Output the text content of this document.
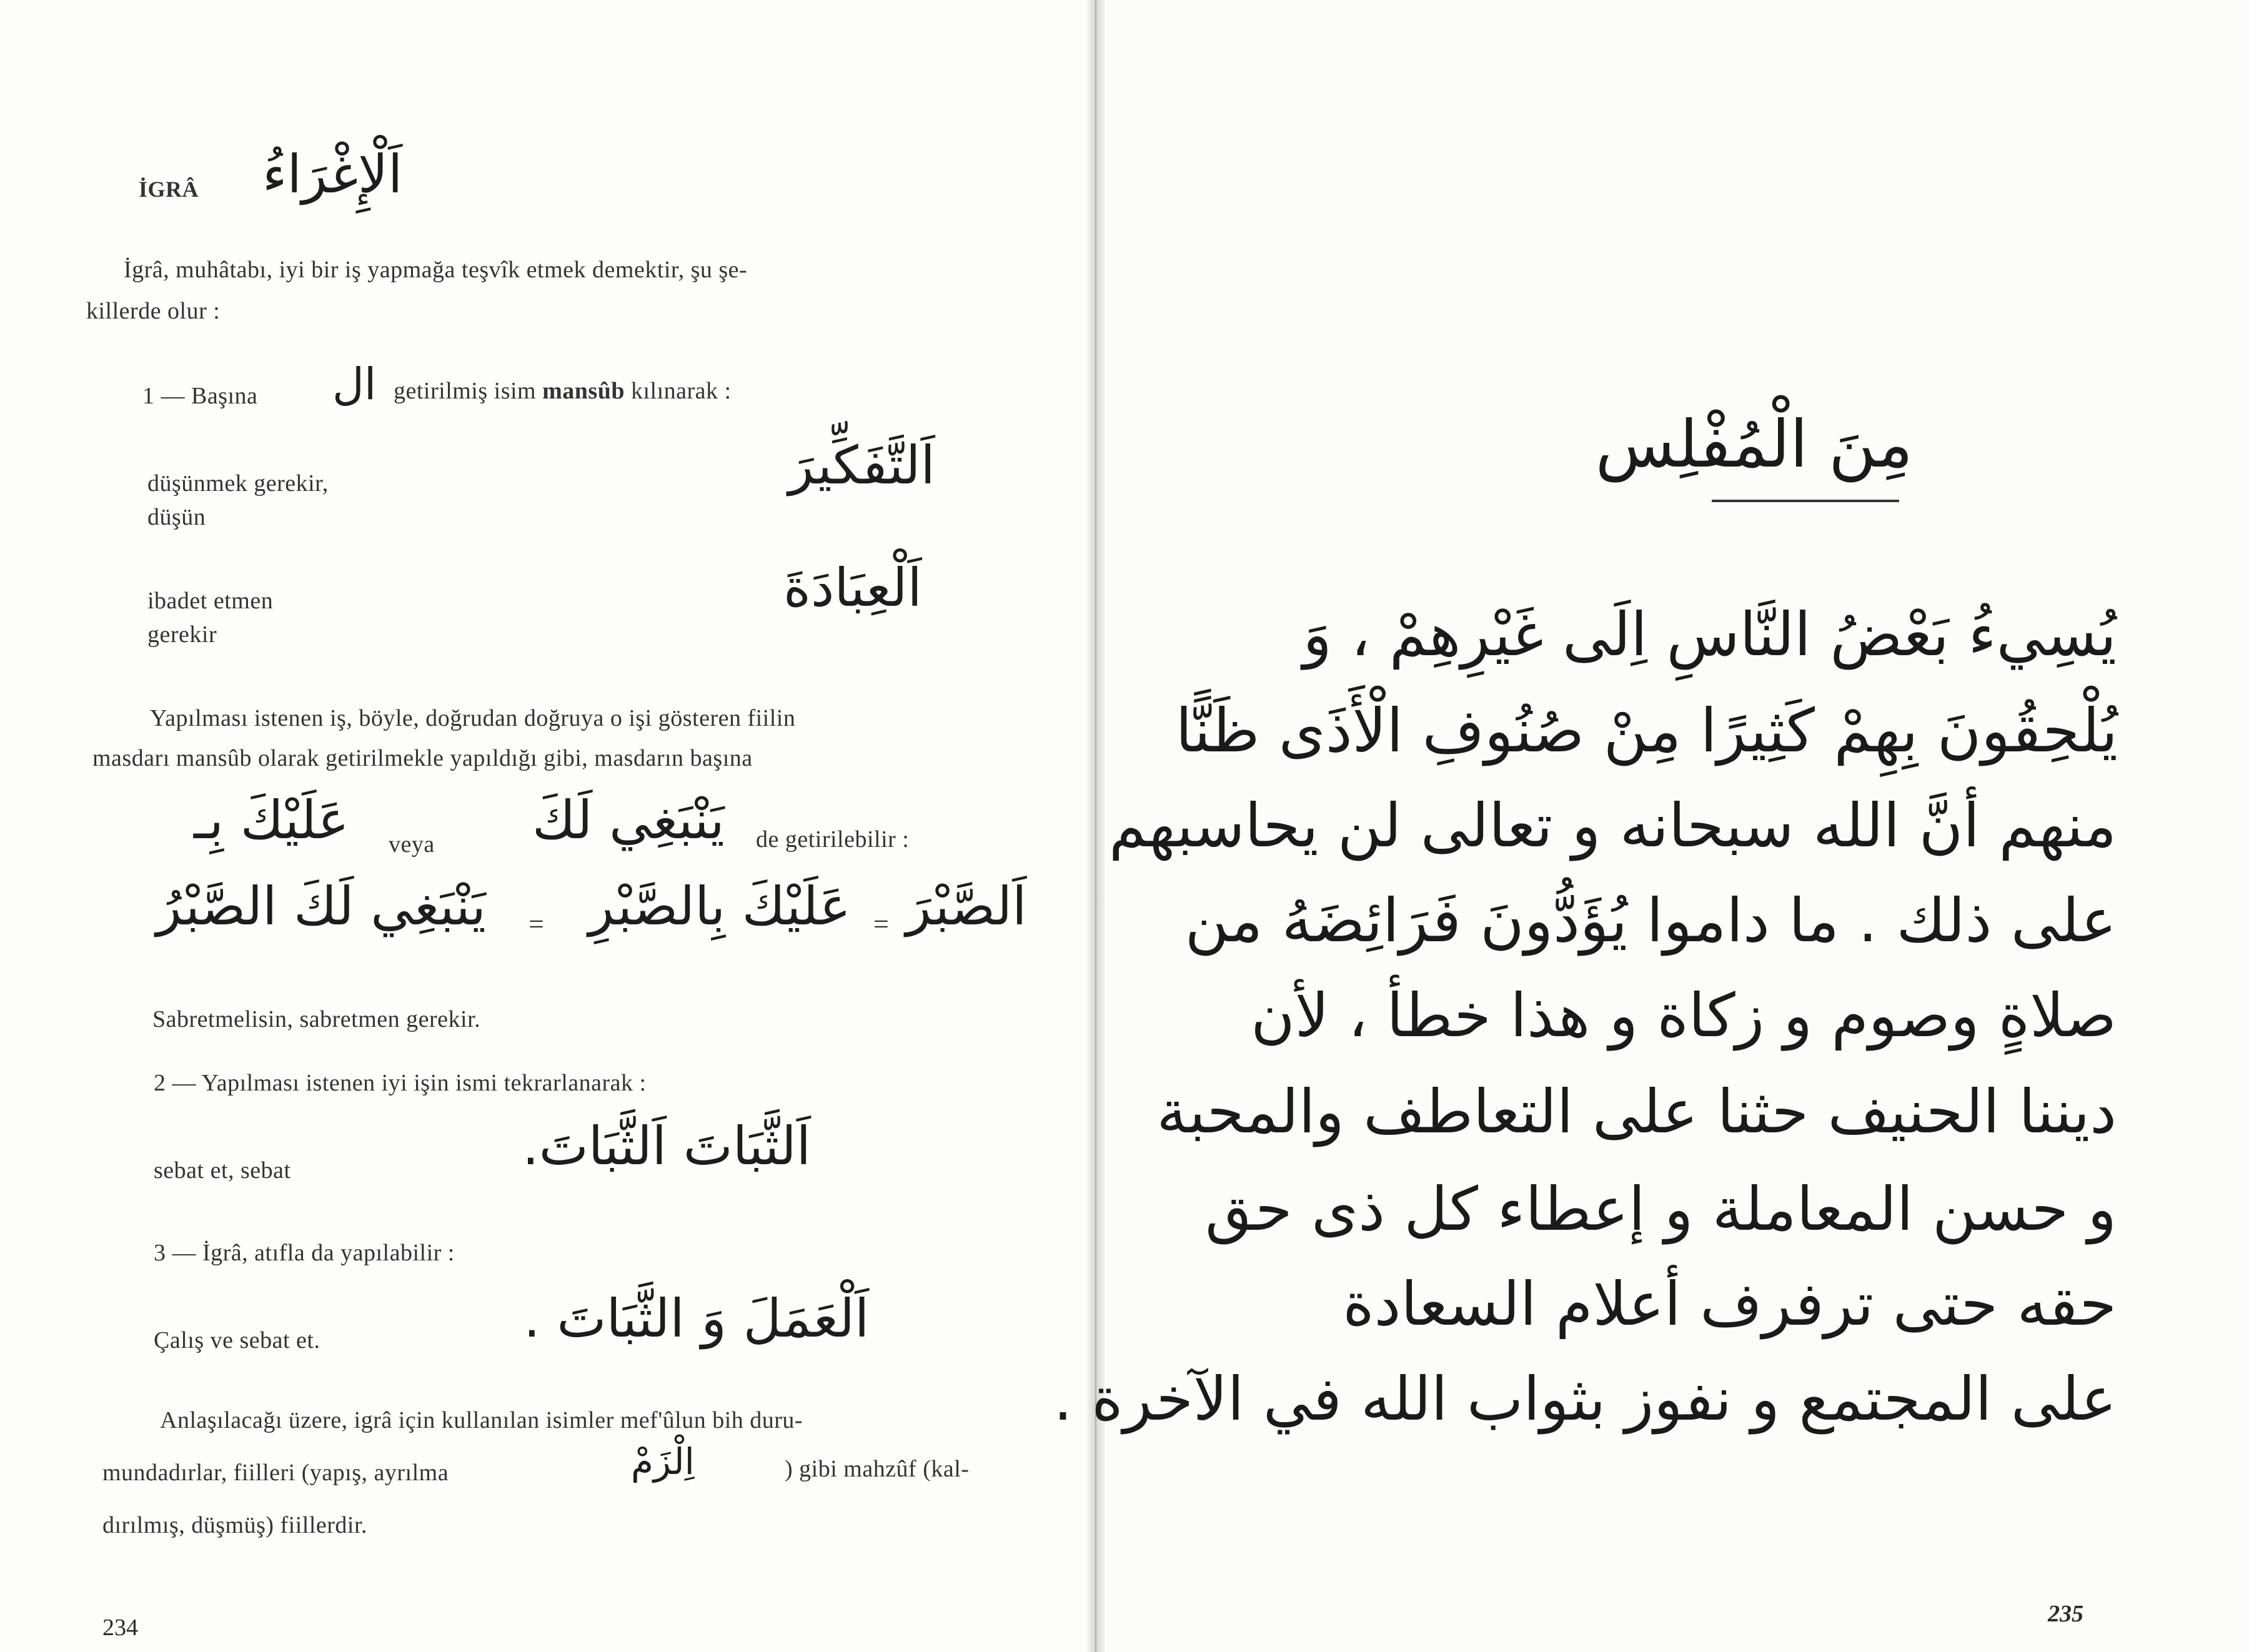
İGRÂ اَلْإِغْرَاءُ
İgrâ, muhâtabı, iyi bir iş yapmağa teşvîk etmek demektir, şu şe-
killerde olur :
1 — Başına ال getirilmiş isim mansûb kılınarak :
düşünmek gerekir,
düşün
اَلتَّفَكِّيرَ
ibadet etmen
gerekir
اَلْعِبَادَةَ
Yapılması istenen iş, böyle, doğrudan doğruya o işi gösteren fiilin
masdarı mansûb olarak getirilmekle yapıldığı gibi, masdarın başına
عَلَيْكَ بِـ veya يَنْبَغِي لَكَ de getirilebilir :
يَنْبَغِي لَكَ الصَّبْرُ = عَلَيْكَ بِالصَّبْرِ = اَلصَّبْرَ
Sabretmelisin, sabretmen gerekir.
2 — Yapılması istenen iyi işin ismi tekrarlanarak :
sebat et, sebat	اَلثَّبَاتَ اَلثَّبَاتَ.
3 — İgrâ, atıfla da yapılabilir :
Çalış ve sebat et.	اَلْعَمَلَ وَ الثَّبَاتَ .
Anlaşılacağı üzere, igrâ için kullanılan isimler mef'ûlun bih duru-
mundadırlar, fiilleri (yapış, ayrılma	اِلْزَمْ	) gibi mahzûf (kal-
dırılmış, düşmüş) fiillerdir.
234
مِنَ الْمُفْلِس
يُسِيءُ بَعْضُ النَّاسِ اِلَى غَيْرِهِمْ ، وَ
يُلْحِقُونَ بِهِمْ كَثِيرًا مِنْ صُنُوفِ الْأَذَى ظَنًّا
منهم أنَّ الله سبحانه و تعالى لن يحاسبهم
على ذلك . ما داموا يُؤَدُّونَ فَرَائِضَهُ من
صلاةٍ وصوم و زكاة و هذا خطأ ، لأن
ديننا الحنيف حثنا على التعاطف والمحبة
و حسن المعاملة و إعطاء كل ذى حق
حقه حتى ترفرف أعلام السعادة
على المجتمع و نفوز بثواب الله في الآخرة .
235
